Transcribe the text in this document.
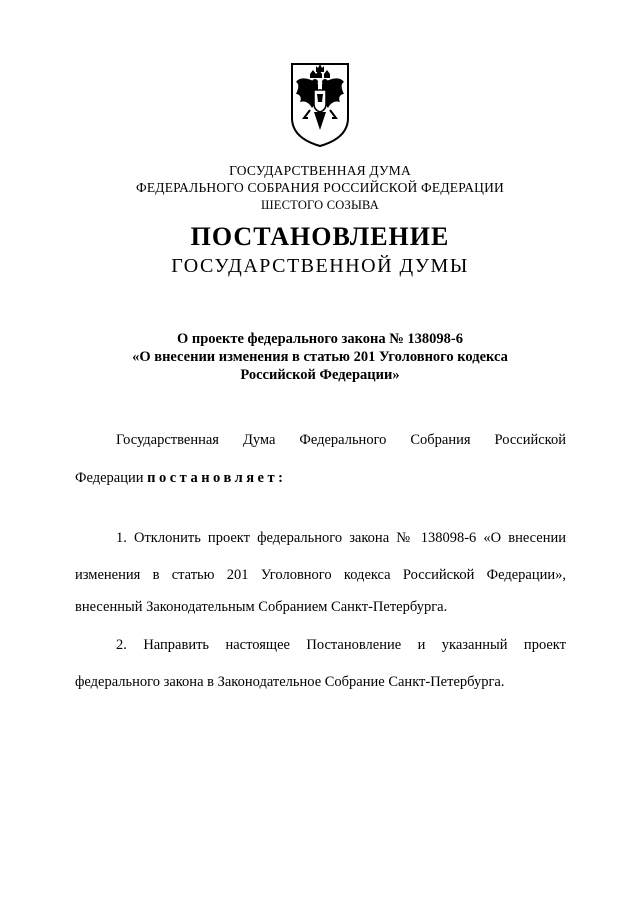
ГОСУДАРСТВЕННАЯ ДУМА
ФЕДЕРАЛЬНОГО СОБРАНИЯ РОССИЙСКОЙ ФЕДЕРАЦИИ
ШЕСТОГО СОЗЫВА
ПОСТАНОВЛЕНИЕ
ГОСУДАРСТВЕННОЙ ДУМЫ
О проекте федерального закона № 138098-6
«О внесении изменения в статью 201 Уголовного кодекса
Российской Федерации»
Государственная Дума Федерального Собрания Российской
Федерации постановляет:
1. Отклонить проект федерального закона № 138098-6 «О внесении
изменения в статью 201 Уголовного кодекса Российской Федерации»,
внесенный Законодательным Собранием Санкт-Петербурга.
2. Направить настоящее Постановление и указанный проект
федерального закона в Законодательное Собрание Санкт-Петербурга.
